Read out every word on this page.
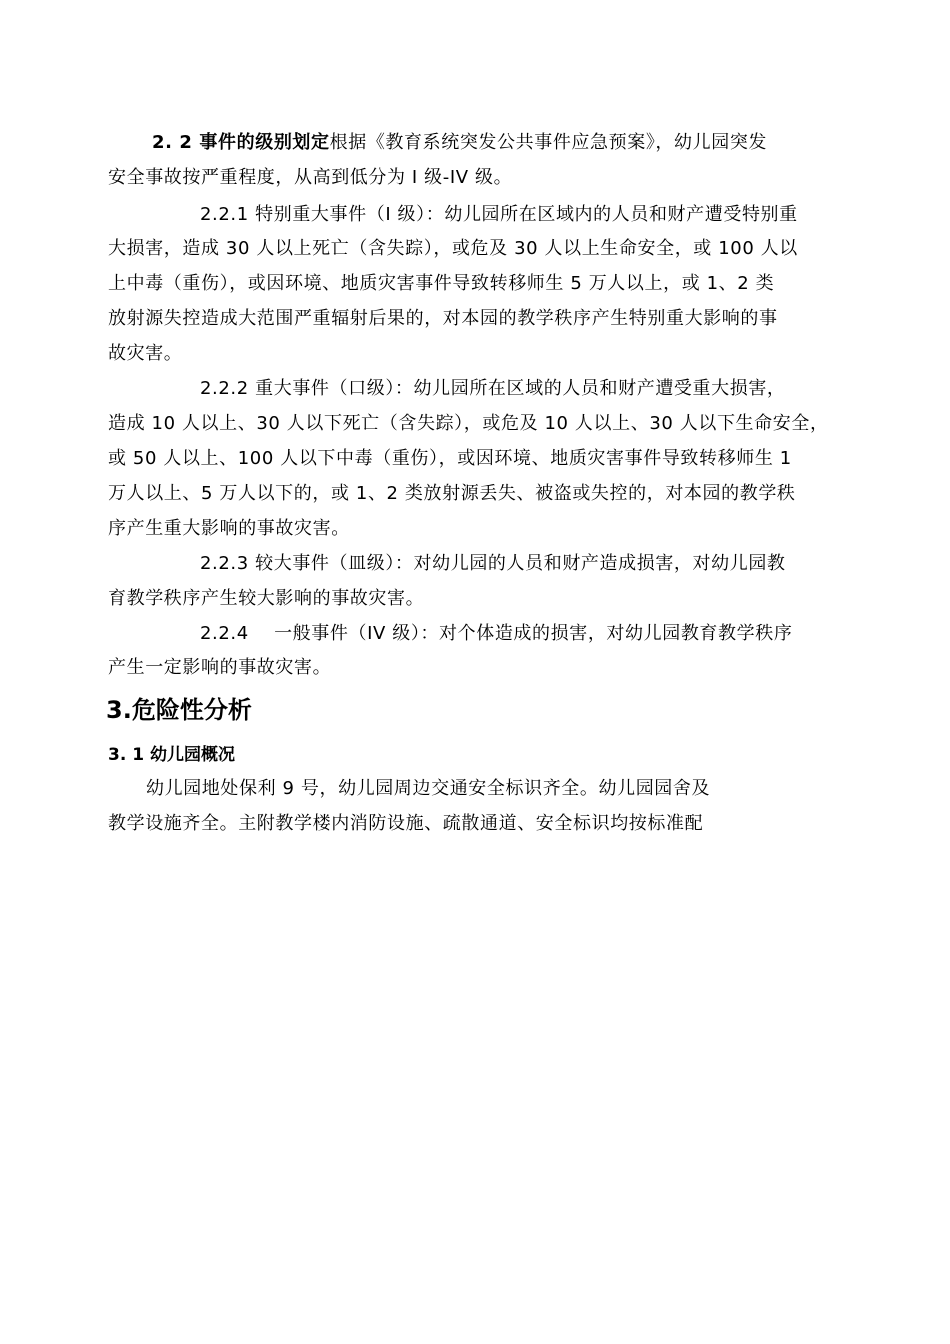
2. 2 事件的级别划定根据《教育系统突发公共事件应急预案》，幼儿园突发
安全事故按严重程度，从高到低分为 I 级-IV 级。
2.2.1 特别重大事件（I 级）：幼儿园所在区域内的人员和财产遭受特别重
大损害，造成 30 人以上死亡（含失踪），或危及 30 人以上生命安全，或 100 人以
上中毒（重伤），或因环境、地质灾害事件导致转移师生 5 万人以上，或 1、2 类
放射源失控造成大范围严重辐射后果的，对本园的教学秩序产生特别重大影响的事
故灾害。
2.2.2 重大事件（口级）：幼儿园所在区域的人员和财产遭受重大损害，
造成 10 人以上、30 人以下死亡（含失踪），或危及 10 人以上、30 人以下生命安全，
或 50 人以上、100 人以下中毒（重伤），或因环境、地质灾害事件导致转移师生 1
万人以上、5 万人以下的，或 1、2 类放射源丢失、被盗或失控的，对本园的教学秩
序产生重大影响的事故灾害。
2.2.3 较大事件（皿级）：对幼儿园的人员和财产造成损害，对幼儿园教
育教学秩序产生较大影响的事故灾害。
2.2.4    一般事件（IV 级）：对个体造成的损害，对幼儿园教育教学秩序
产生一定影响的事故灾害。
3.危险性分析
3. 1 幼儿园概况
幼儿园地处保利 9 号，幼儿园周边交通安全标识齐全。幼儿园园舍及
教学设施齐全。主附教学楼内消防设施、疏散通道、安全标识均按标准配
